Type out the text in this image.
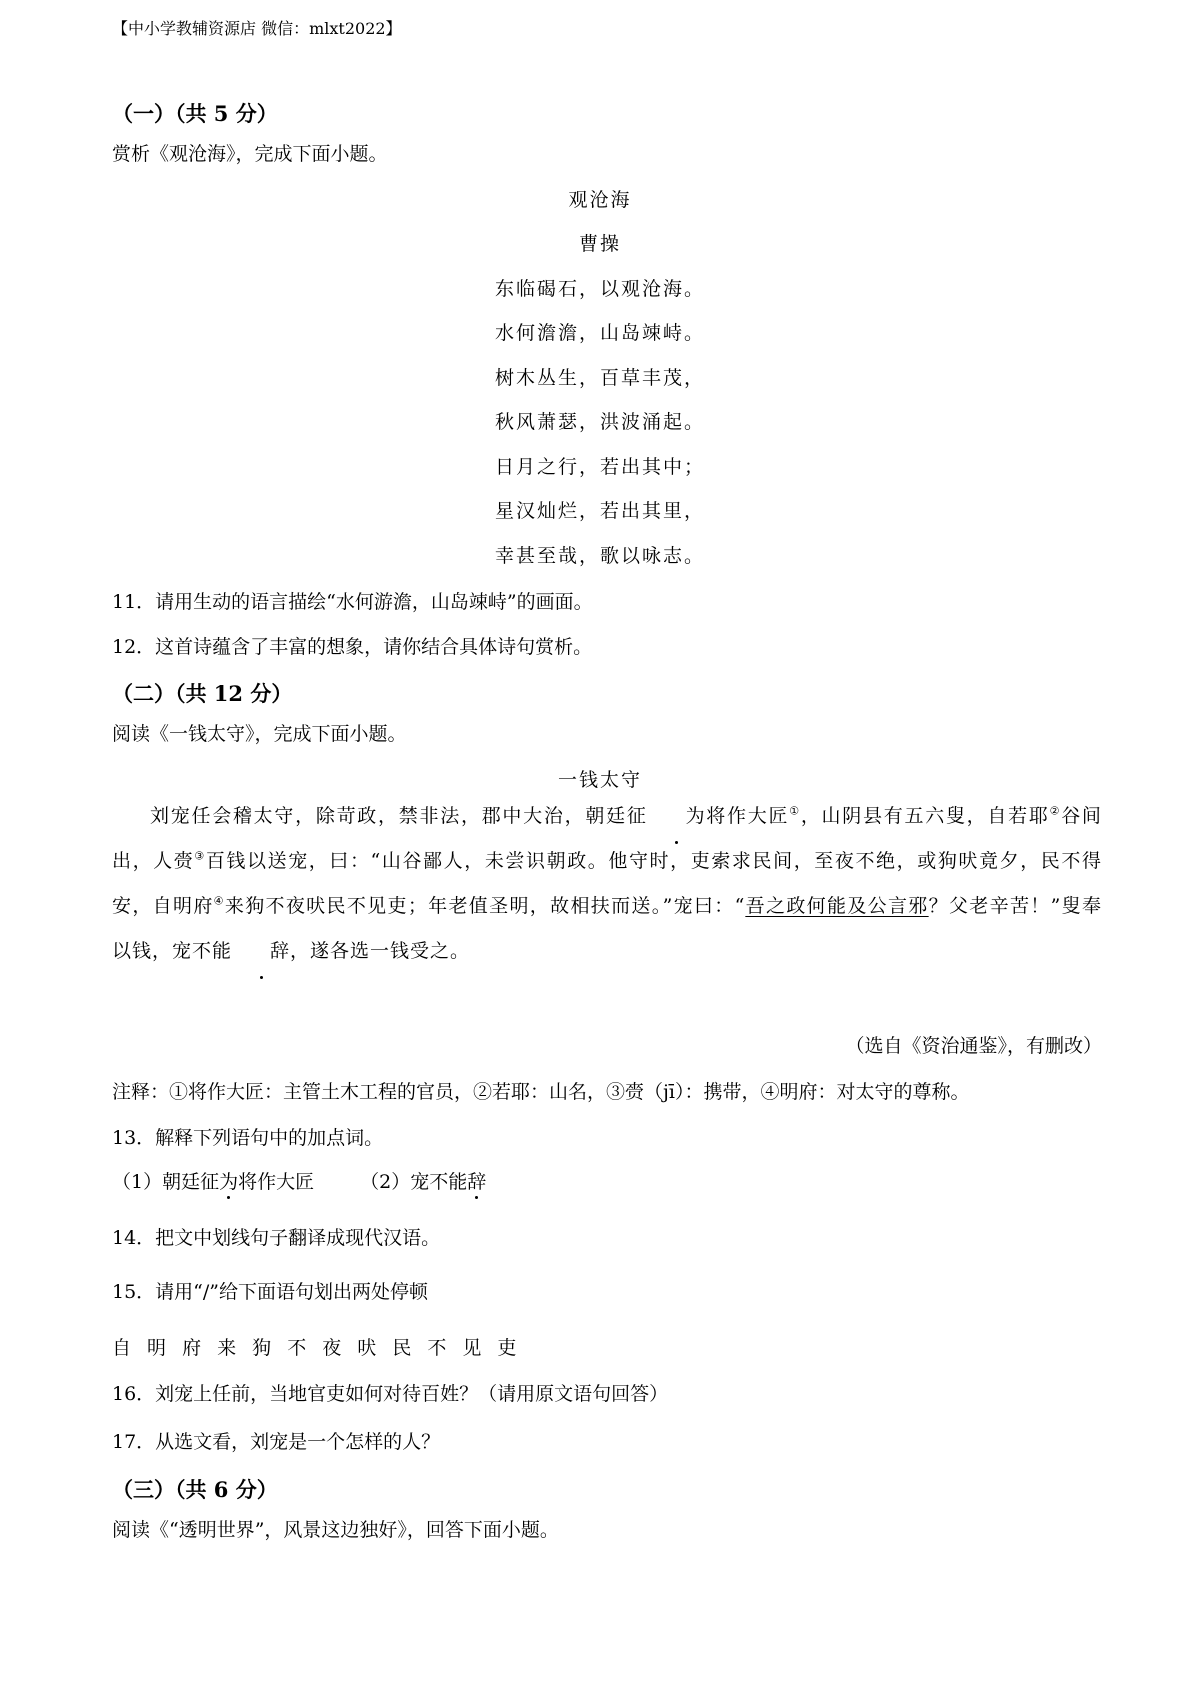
【中小学教辅资源店 微信：mlxt2022】
（一）（共 5 分）
赏析《观沧海》，完成下面小题。
观沧海
曹操
东临碣石，以观沧海。
水何澹澹，山岛竦峙。
树木丛生，百草丰茂，
秋风萧瑟，洪波涌起。
日月之行，若出其中；
星汉灿烂，若出其里，
幸甚至哉，歌以咏志。
11．请用生动的语言描绘“水何游澹，山岛竦峙”的画面。
12．这首诗蕴含了丰富的想象，请你结合具体诗句赏析。
（二）（共 12 分）
阅读《一钱太守》，完成下面小题。
一钱太守
刘宠任会稽太守，除苛政，禁非法，郡中大治，朝廷征 为将作大匠①，山阴县有五六叟，自若耶②谷间出，人赍③百钱以送宠，曰：“山谷鄙人，未尝识朝政。他守时，吏索求民间，至夜不绝，或狗吠竟夕，民不得安，自明府④来狗不夜吠民不见吏；年老值圣明，故相扶而送。”宠曰：“吾之政何能及公言邪？父老辛苦！”叟奉以钱，宠不能 辞，遂各选一钱受之。
（选自《资治通鉴》，有删改）
注释：①将作大匠：主管土木工程的官员，②若耶：山名，③赍（jī）：携带，④明府：对太守的尊称。
13．解释下列语句中的加点词。
（1）朝廷征为将作大匠 （2）宠不能辞
14．把文中划线句子翻译成现代汉语。
15．请用“/”给下面语句划出两处停顿
自 明 府 来 狗 不 夜 吠 民 不 见 吏
16．刘宠上任前，当地官吏如何对待百姓？（请用原文语句回答）
17．从选文看，刘宠是一个怎样的人？
（三）（共 6 分）
阅读《“透明世界”，风景这边独好》，回答下面小题。
